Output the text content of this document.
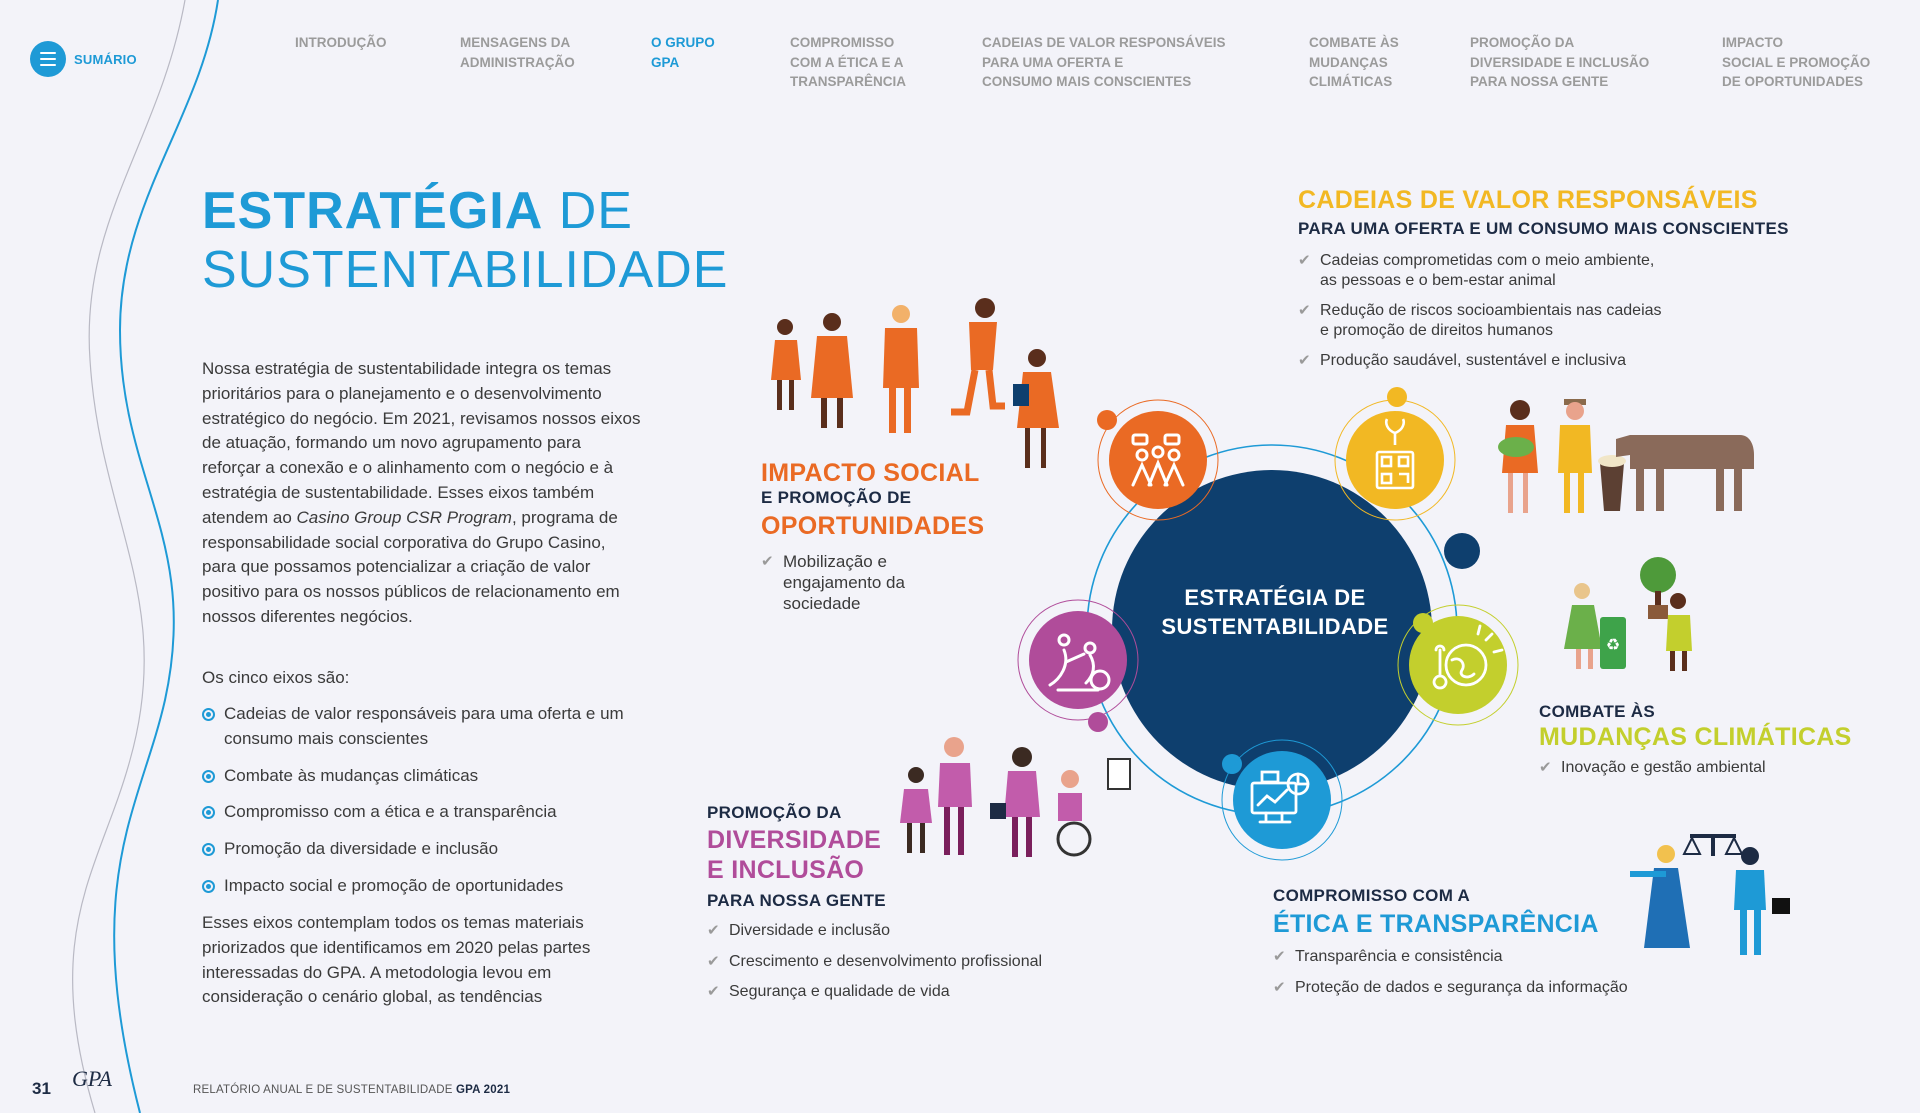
SUMÁRIO
INTRODUÇÃO	MENSAGENS DA
ADMINISTRAÇÃO
O GRUPO
GPA
COMPROMISSO
COM A ÉTICA E A
TRANSPARÊNCIA
CADEIAS DE VALOR RESPONSÁVEIS
PARA UMA OFERTA E
CONSUMO MAIS CONSCIENTES
COMBATE ÀS
MUDANÇAS
CLIMÁTICAS
PROMOÇÃO DA
DIVERSIDADE E INCLUSÃO
PARA NOSSA GENTE
IMPACTO
SOCIAL E PROMOÇÃO
DE OPORTUNIDADES
ESTRATÉGIA DE
SUSTENTABILIDADE

Nossa estratégia de sustentabilidade integra os temas prioritários para o planejamento e o desenvolvimento estratégico do negócio. Em 2021, revisamos nossos eixos de atuação, formando um novo agrupamento para reforçar a conexão e o alinhamento com o negócio e à estratégia de sustentabilidade. Esses eixos também atendem ao Casino Group CSR Program, programa de responsabilidade social corporativa do Grupo Casino, para que possamos potencializar a criação de valor positivo para os nossos públicos de relacionamento em nossos diferentes negócios.

Os cinco eixos são:

Cadeias de valor responsáveis para uma oferta e um consumo mais conscientes
Combate às mudanças climáticas
Compromisso com a ética e a transparência
Promoção da diversidade e inclusão
Impacto social e promoção de oportunidades

Esses eixos contemplam todos os temas materiais priorizados que identificamos em 2020 pelas partes interessadas do GPA. A metodologia levou em consideração o cenário global, as tendências

ESTRATÉGIA DE
SUSTENTABILIDADE
♻
CADEIAS DE VALOR RESPONSÁVEIS
PARA UMA OFERTA E UM CONSUMO MAIS CONSCIENTES
✔ Cadeias comprometidas com o meio ambiente,
as pessoas e o bem-estar animal
✔ Redução de riscos socioambientais nas cadeias
e promoção de direitos humanos
✔ Produção saudável, sustentável e inclusiva
IMPACTO SOCIAL
E PROMOÇÃO DE
OPORTUNIDADES
✔ Mobilização e
engajamento da
sociedade
COMBATE ÀS
MUDANÇAS CLIMÁTICAS
✔ Inovação e gestão ambiental
PROMOÇÃO DA
DIVERSIDADE
E INCLUSÃO
PARA NOSSA GENTE
✔ Diversidade e inclusão
✔ Crescimento e desenvolvimento profissional
✔ Segurança e qualidade de vida
COMPROMISSO COM A
ÉTICA E TRANSPARÊNCIA
✔ Transparência e consistência
✔ Proteção de dados e segurança da informação
31 GPA	RELATÓRIO ANUAL E DE SUSTENTABILIDADE GPA 2021
